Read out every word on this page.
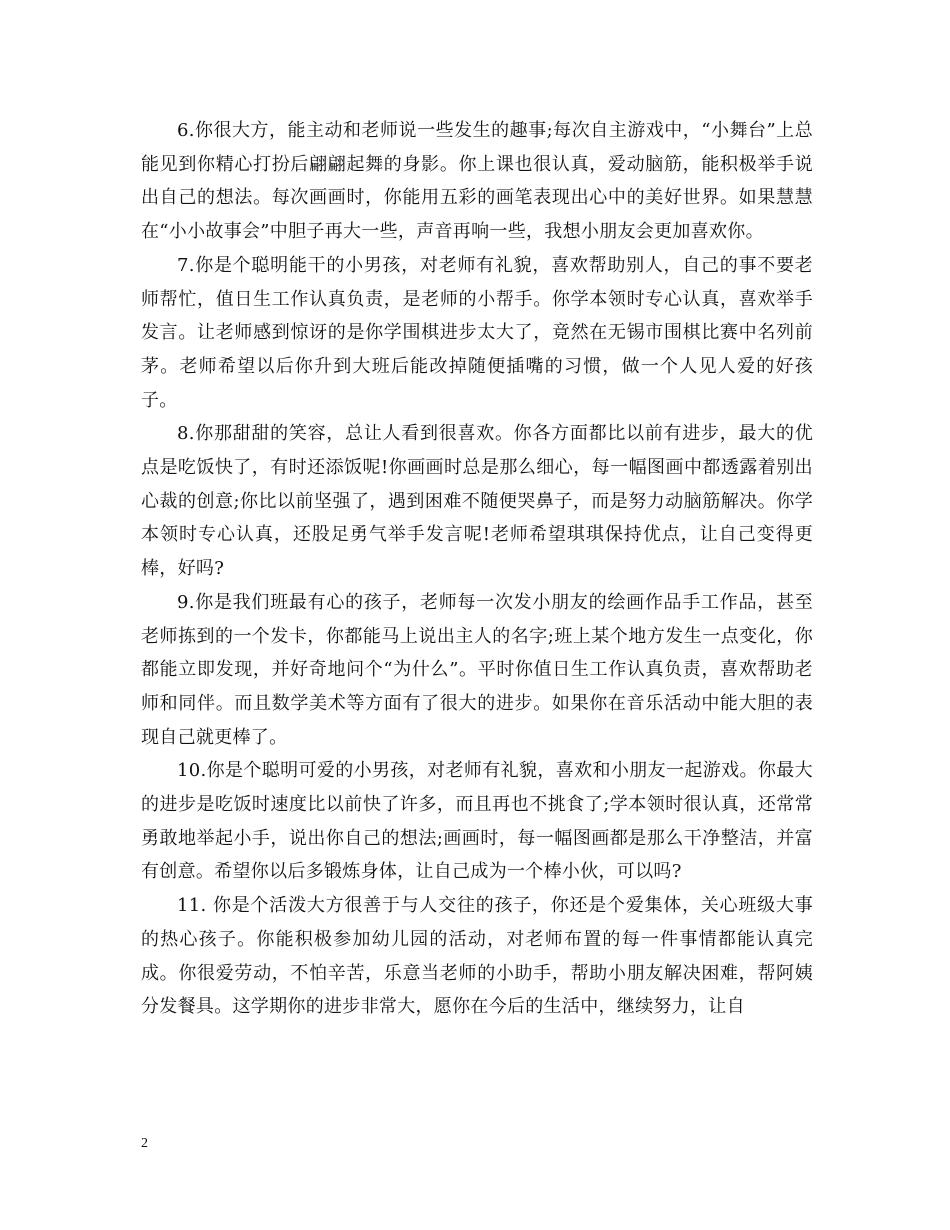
6.你很大方，能主动和老师说一些发生的趣事;每次自主游戏中，“小舞台”上总能见到你精心打扮后翩翩起舞的身影。你上课也很认真，爱动脑筋，能积极举手说出自己的想法。每次画画时，你能用五彩的画笔表现出心中的美好世界。如果慧慧在“小小故事会”中胆子再大一些，声音再响一些，我想小朋友会更加喜欢你。

7.你是个聪明能干的小男孩，对老师有礼貌，喜欢帮助别人，自己的事不要老师帮忙，值日生工作认真负责，是老师的小帮手。你学本领时专心认真，喜欢举手发言。让老师感到惊讶的是你学围棋进步太大了，竟然在无锡市围棋比赛中名列前茅。老师希望以后你升到大班后能改掉随便插嘴的习惯，做一个人见人爱的好孩子。

8.你那甜甜的笑容，总让人看到很喜欢。你各方面都比以前有进步，最大的优点是吃饭快了，有时还添饭呢!你画画时总是那么细心，每一幅图画中都透露着别出心裁的创意;你比以前坚强了，遇到困难不随便哭鼻子，而是努力动脑筋解决。你学本领时专心认真，还股足勇气举手发言呢!老师希望琪琪保持优点，让自己变得更棒，好吗?

9.你是我们班最有心的孩子，老师每一次发小朋友的绘画作品手工作品，甚至老师拣到的一个发卡，你都能马上说出主人的名字;班上某个地方发生一点变化，你都能立即发现，并好奇地问个“为什么”。平时你值日生工作认真负责，喜欢帮助老师和同伴。而且数学美术等方面有了很大的进步。如果你在音乐活动中能大胆的表现自己就更棒了。

10.你是个聪明可爱的小男孩，对老师有礼貌，喜欢和小朋友一起游戏。你最大的进步是吃饭时速度比以前快了许多，而且再也不挑食了;学本领时很认真，还常常勇敢地举起小手，说出你自己的想法;画画时，每一幅图画都是那么干净整洁，并富有创意。希望你以后多锻炼身体，让自己成为一个棒小伙，可以吗?

11. 你是个活泼大方很善于与人交往的孩子，你还是个爱集体，关心班级大事的热心孩子。你能积极参加幼儿园的活动，对老师布置的每一件事情都能认真完成。你很爱劳动，不怕辛苦，乐意当老师的小助手，帮助小朋友解决困难，帮阿姨分发餐具。这学期你的进步非常大，愿你在今后的生活中，继续努力，让自

2
